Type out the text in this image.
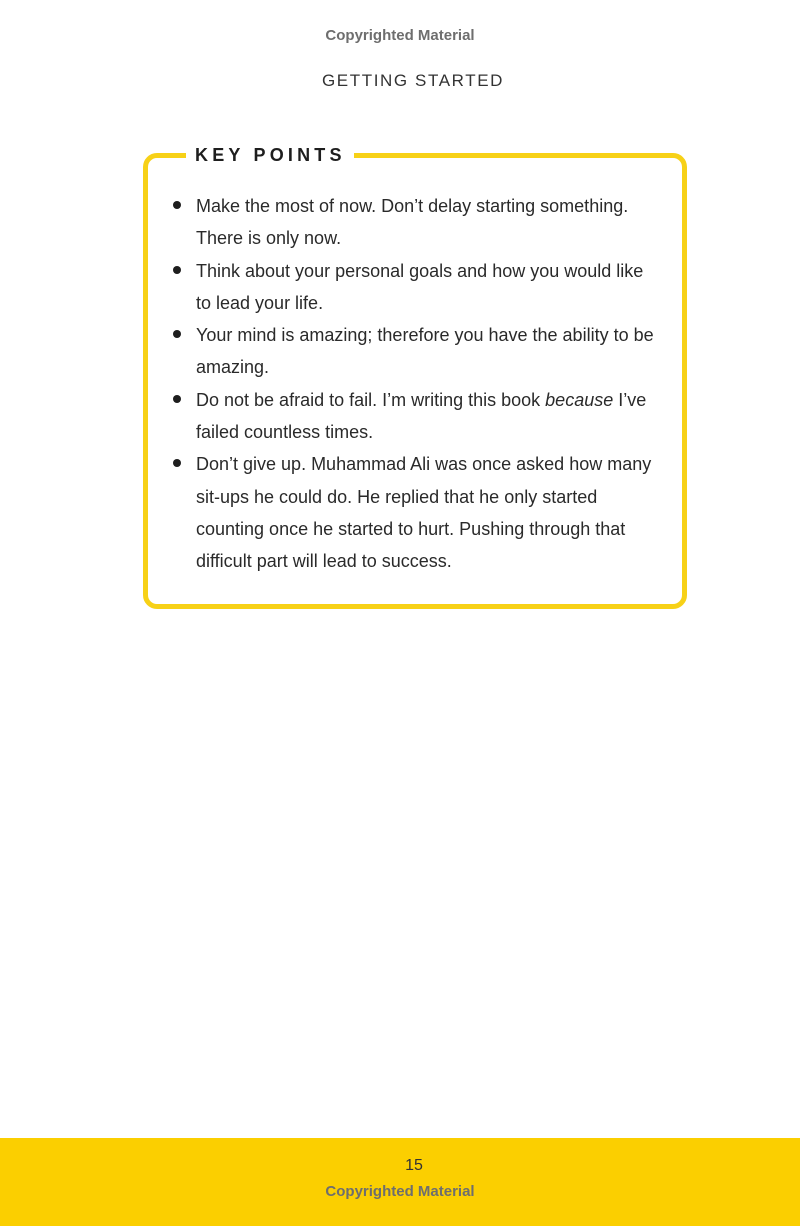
Copyrighted Material
GETTING STARTED
KEY POINTS
Make the most of now. Don’t delay starting something. There is only now.
Think about your personal goals and how you would like to lead your life.
Your mind is amazing; therefore you have the ability to be amazing.
Do not be afraid to fail. I’m writing this book because I’ve failed countless times.
Don’t give up. Muhammad Ali was once asked how many sit-ups he could do. He replied that he only started counting once he started to hurt. Pushing through that difficult part will lead to success.
15
Copyrighted Material
